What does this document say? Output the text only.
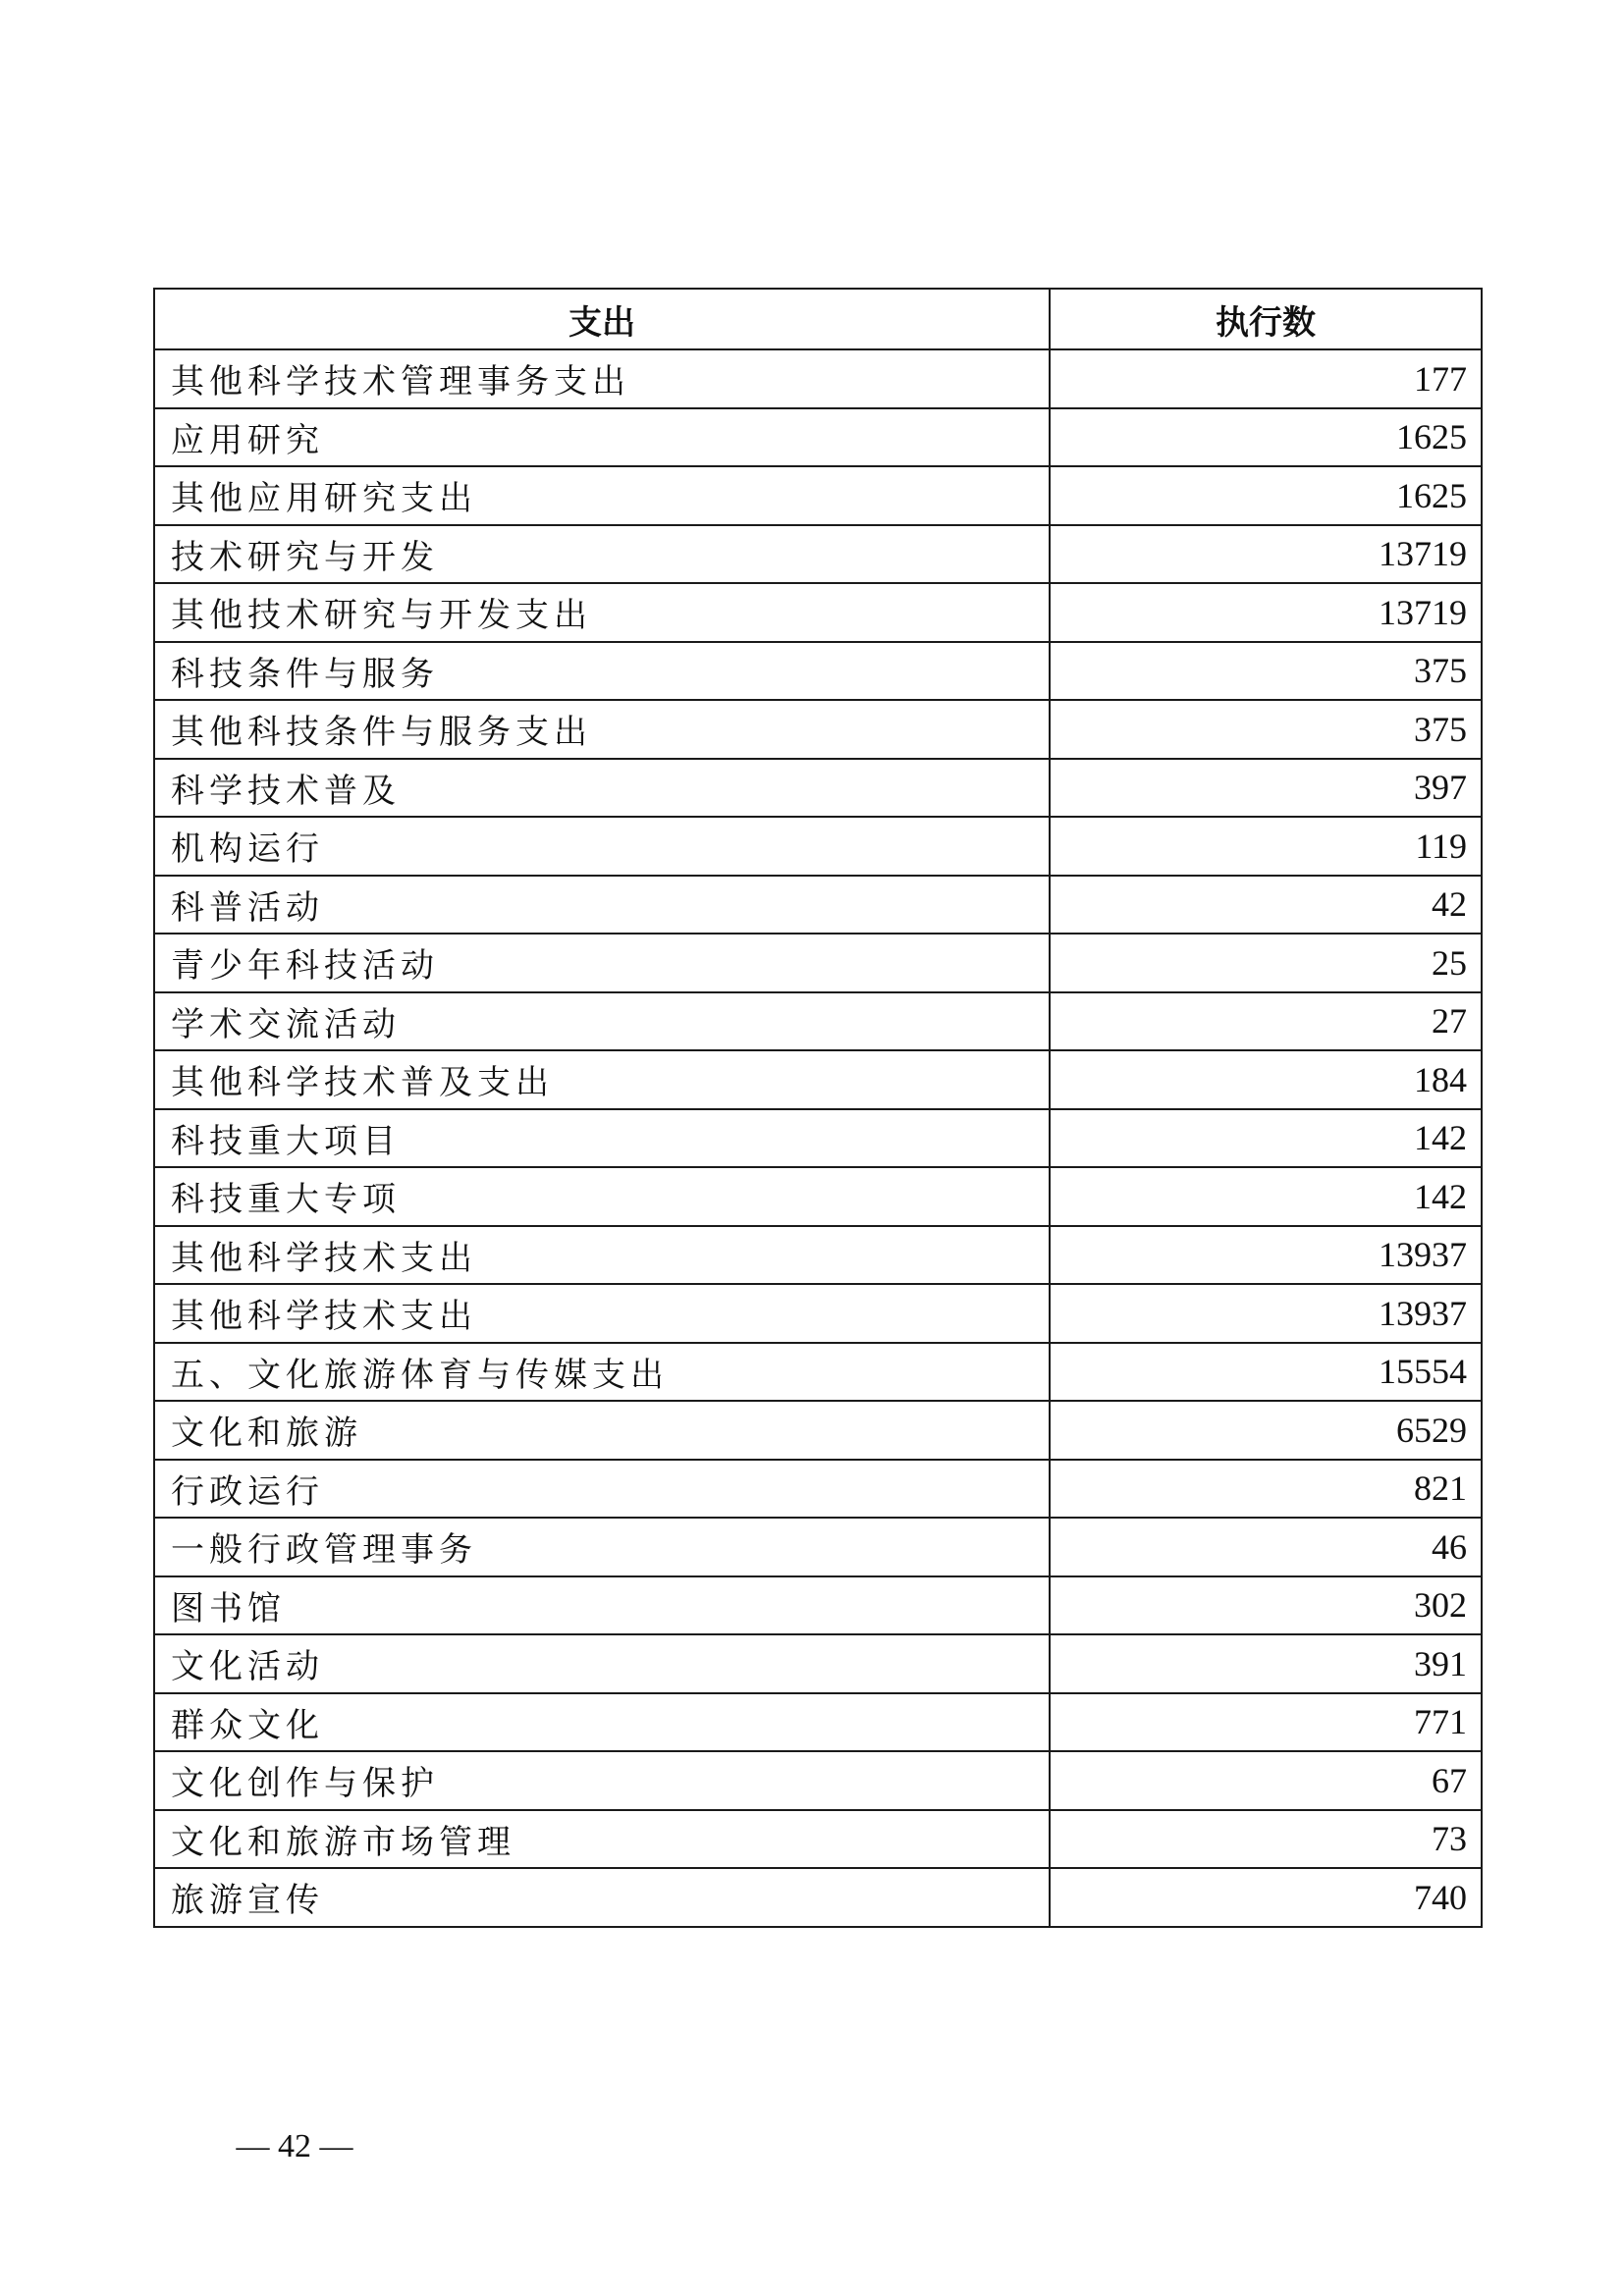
支出	执行数
其他科学技术管理事务支出	177
应用研究	1625
其他应用研究支出	1625
技术研究与开发	13719
其他技术研究与开发支出	13719
科技条件与服务	375
其他科技条件与服务支出	375
科学技术普及	397
机构运行	119
科普活动	42
青少年科技活动	25
学术交流活动	27
其他科学技术普及支出	184
科技重大项目	142
科技重大专项	142
其他科学技术支出	13937
其他科学技术支出	13937
五、文化旅游体育与传媒支出	15554
文化和旅游	6529
行政运行	821
一般行政管理事务	46
图书馆	302
文化活动	391
群众文化	771
文化创作与保护	67
文化和旅游市场管理	73
旅游宣传	740
— 42 —
